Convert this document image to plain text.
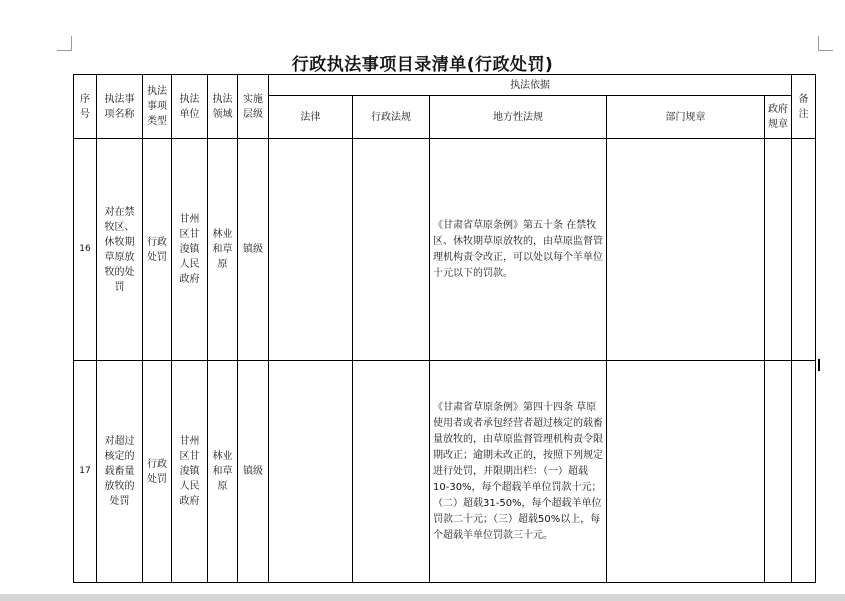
行政执法事项目录清单(行政处罚)
序号	执法事项名称	执法事项类型	执法单位	执法领域	实施层级	执法依据					备注
						法律	行政法规	地方性法规	部门规章	政府规章	
16	对在禁牧区、休牧期草原放牧的处罚	行政处罚	甘州区甘浚镇人民政府	林业和草原	镇级			《甘肃省草原条例》第五十条 在禁牧区、休牧期草原放牧的，由草原监督管理机构责令改正，可以处以每个羊单位十元以下的罚款。			
17	对超过核定的载畜量放牧的处罚	行政处罚	甘州区甘浚镇人民政府	林业和草原	镇级			《甘肃省草原条例》第四十四条 草原使用者或者承包经营者超过核定的载畜量放牧的，由草原监督管理机构责令限期改正；逾期未改正的，按照下列规定进行处罚，并限期出栏：（一）超载10-30%，每个超载羊单位罚款十元；（二）超载31-50%，每个超载羊单位罚款二十元；（三）超载50%以上，每个超载羊单位罚款三十元。			
